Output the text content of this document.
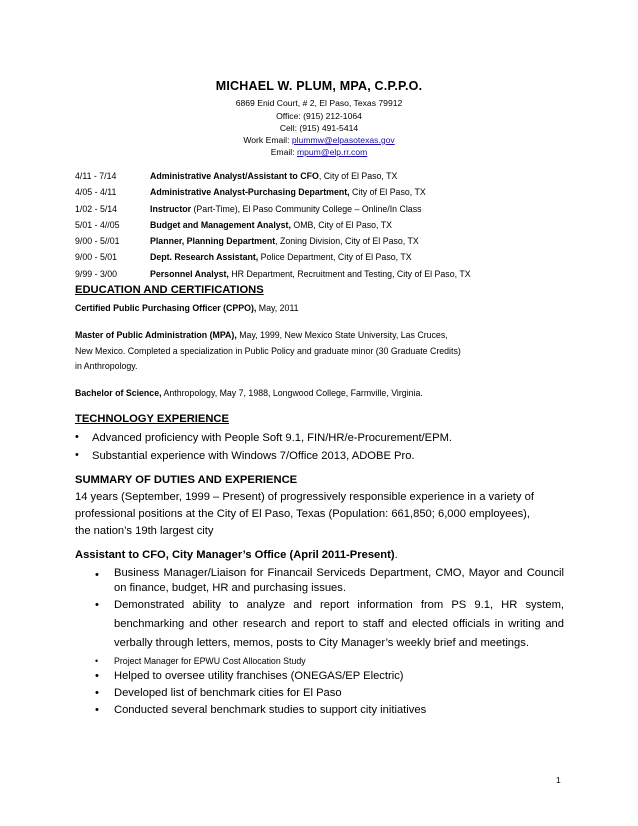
MICHAEL W. PLUM, MPA, C.P.P.O.
6869 Enid Court, # 2, El Paso, Texas 79912
Office: (915) 212-1064
Cell: (915) 491-5414
Work Email: plummw@elpasotexas.gov
Email: mpum@elp.rr.com
4/11 - 7/14	Administrative Analyst/Assistant to CFO, City of El Paso, TX
4/05 - 4/11	Administrative Analyst-Purchasing Department, City of El Paso, TX
1/02 - 5/14	Instructor (Part-Time), El Paso Community College – Online/In Class
5/01 - 4//05	Budget and Management Analyst, OMB, City of El Paso, TX
9/00 - 5//01	Planner, Planning Department, Zoning Division, City of El Paso, TX
9/00 - 5/01	Dept. Research Assistant, Police Department, City of El Paso, TX
9/99 - 3/00	Personnel Analyst, HR Department, Recruitment and Testing, City of El Paso, TX
EDUCATION AND CERTIFICATIONS
Certified Public Purchasing Officer (CPPO), May, 2011
Master of Public Administration (MPA), May, 1999, New Mexico State University, Las Cruces,
New Mexico. Completed a specialization in Public Policy and graduate minor (30 Graduate Credits)
in Anthropology.
Bachelor of Science, Anthropology, May 7, 1988, Longwood College, Farmville, Virginia.
TECHNOLOGY EXPERIENCE
• Advanced proficiency with People Soft 9.1, FIN/HR/e-Procurement/EPM.
• Substantial experience with Windows 7/Office 2013, ADOBE Pro.
SUMMARY OF DUTIES AND EXPERIENCE
14 years (September, 1999 – Present) of progressively responsible experience in a variety of
professional positions at the City of El Paso, Texas (Population: 661,850; 6,000 employees),
the nation’s 19th largest city
Assistant to CFO, City Manager’s Office (April 2011-Present).
• Business Manager/Liaison for Financail Serviceds Department, CMO, Mayor and Council on finance, budget, HR and purchasing issues.
• Demonstrated ability to analyze and report information from PS 9.1, HR system, benchmarking and other research and report to staff and elected officials in writing and verbally through letters, memos, posts to City Manager’s weekly brief and meetings.
• Project Manager for EPWU Cost Allocation Study
• Helped to oversee utility franchises (ONEGAS/EP Electric)
• Developed list of benchmark cities for El Paso
• Conducted several benchmark studies to support city initiatives
1
